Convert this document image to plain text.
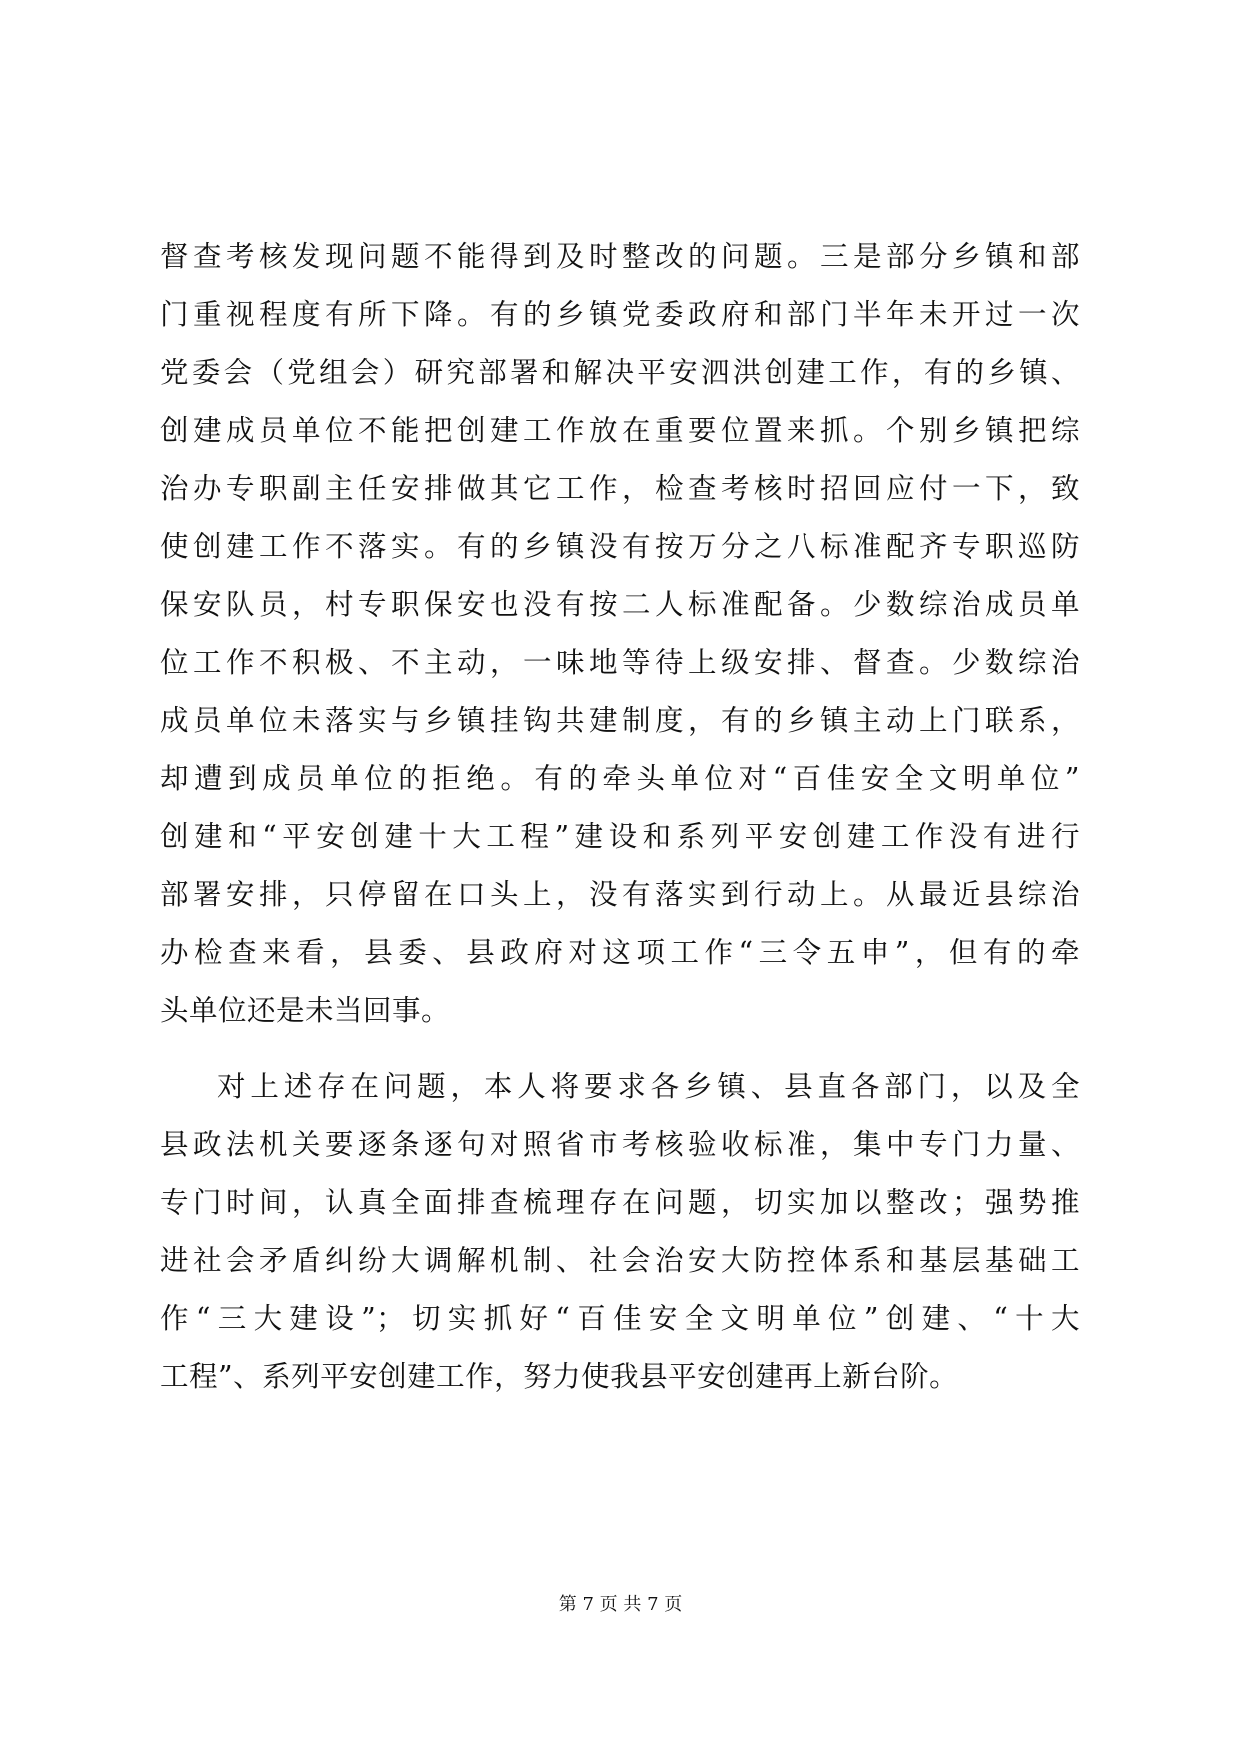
督查考核发现问题不能得到及时整改的问题。三是部分乡镇和部
门重视程度有所下降。有的乡镇党委政府和部门半年未开过一次
党委会（党组会）研究部署和解决平安泗洪创建工作，有的乡镇、
创建成员单位不能把创建工作放在重要位置来抓。个别乡镇把综
治办专职副主任安排做其它工作，检查考核时招回应付一下，致
使创建工作不落实。有的乡镇没有按万分之八标准配齐专职巡防
保安队员，村专职保安也没有按二人标准配备。少数综治成员单
位工作不积极、不主动，一味地等待上级安排、督查。少数综治
成员单位未落实与乡镇挂钩共建制度，有的乡镇主动上门联系，
却遭到成员单位的拒绝。有的牵头单位对“百佳安全文明单位”
创建和“平安创建十大工程”建设和系列平安创建工作没有进行
部署安排，只停留在口头上，没有落实到行动上。从最近县综治
办检查来看，县委、县政府对这项工作“三令五申”，但有的牵
头单位还是未当回事。
对上述存在问题，本人将要求各乡镇、县直各部门，以及全
县政法机关要逐条逐句对照省市考核验收标准，集中专门力量、
专门时间，认真全面排查梳理存在问题，切实加以整改；强势推
进社会矛盾纠纷大调解机制、社会治安大防控体系和基层基础工
作“三大建设”；切实抓好“百佳安全文明单位”创建、“十大
工程”、系列平安创建工作，努力使我县平安创建再上新台阶。
第 7 页 共 7 页
